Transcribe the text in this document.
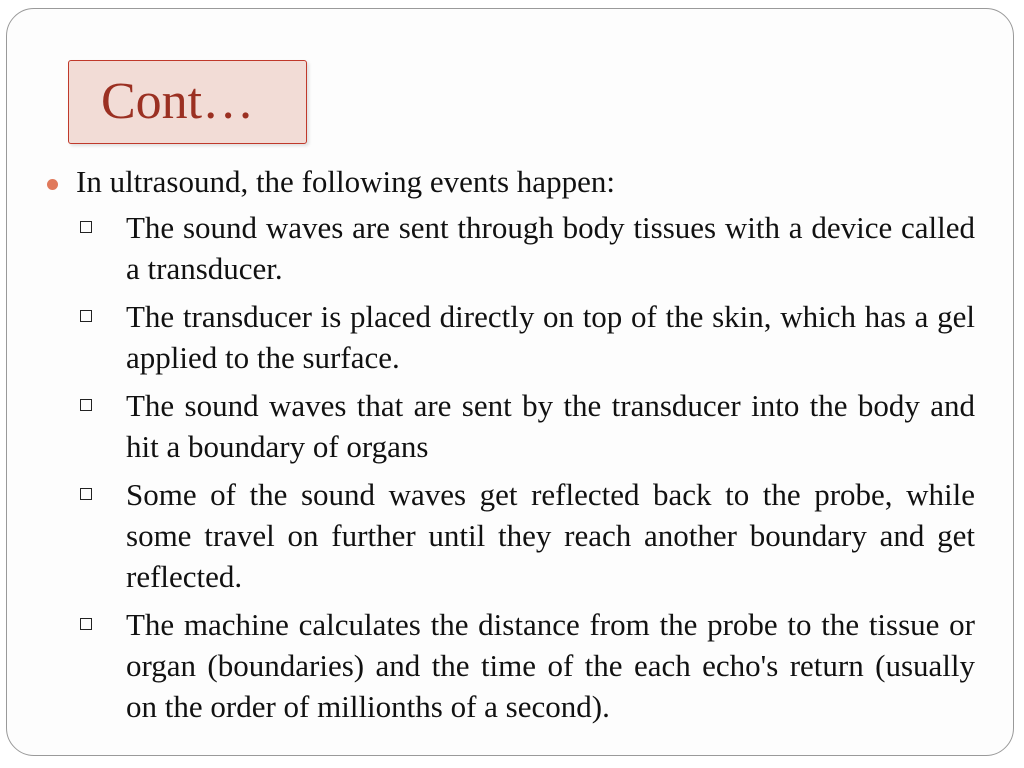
Cont…
In ultrasound, the following events happen:
The sound waves are sent through body tissues with a device called a transducer.
The transducer is placed directly on top of the skin, which has a gel applied to the surface.
The sound waves that are sent by the transducer into the body and hit a boundary of organs
Some of the sound waves get reflected back to the probe, while some travel on further until they reach another boundary and get reflected.
The machine calculates the distance from the probe to the tissue or organ (boundaries) and the time of the each echo's return (usually on the order of millionths of a second).
